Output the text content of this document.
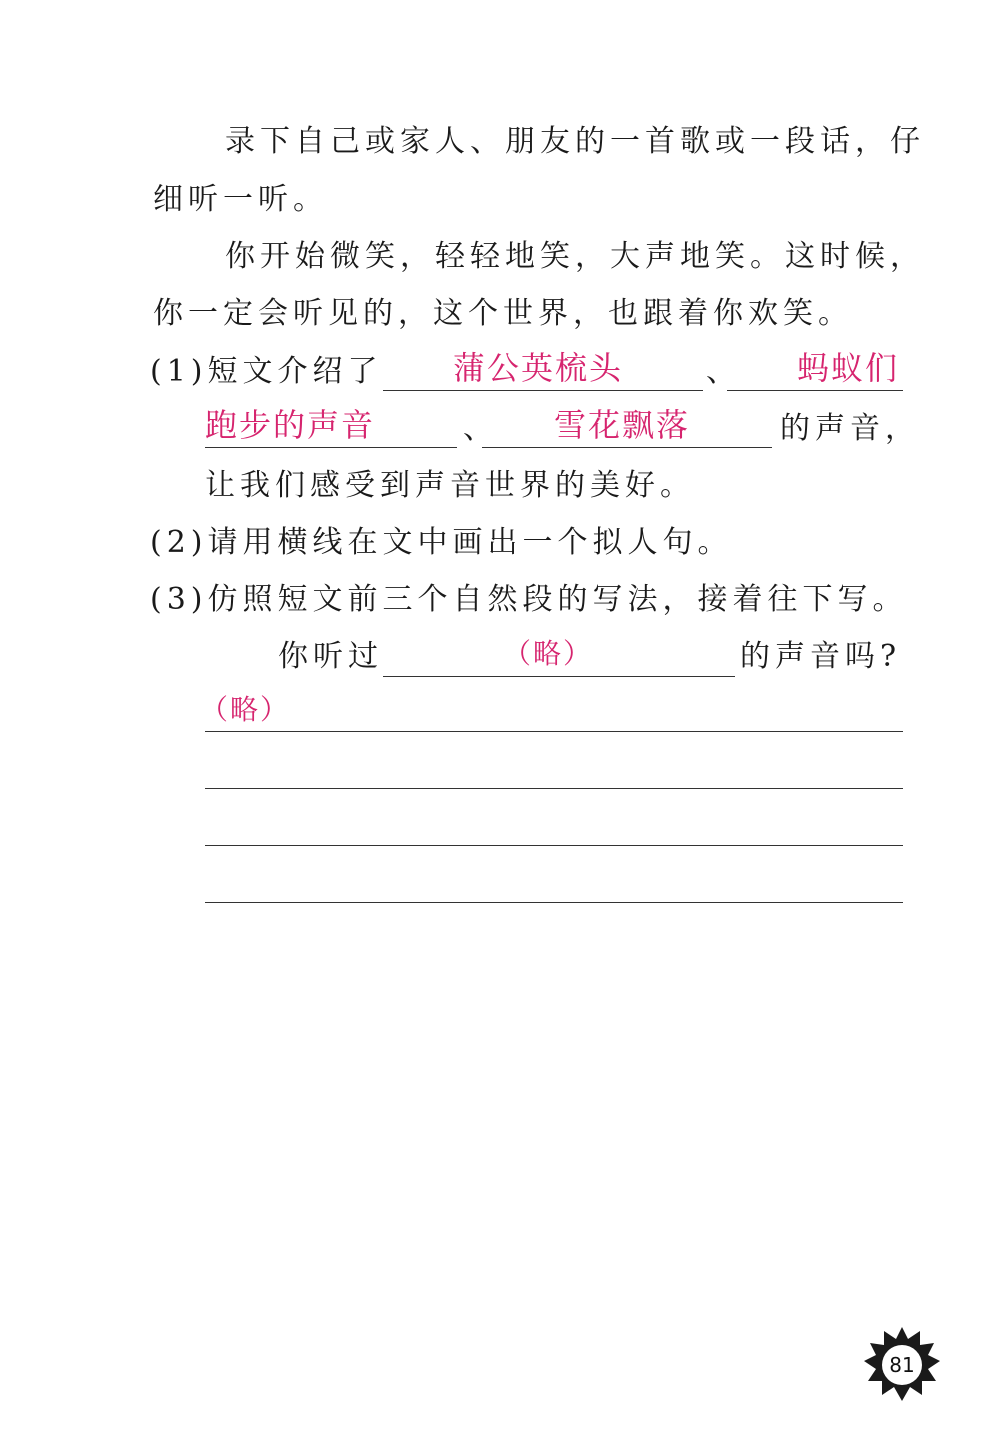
录下自己或家人、朋友的一首歌或一段话，仔
细听一听。
你开始微笑，轻轻地笑，大声地笑。这时候，
你一定会听见的，这个世界，也跟着你欢笑。
(1)短文介绍了 蒲公英梳头	、 蚂蚁们
跑步的声音	、 雪花飘落	的声音，
让我们感受到声音世界的美好。
(2)请用横线在文中画出一个拟人句。
(3)仿照短文前三个自然段的写法，接着往下写。
你听过	（略）	的声音吗?
（略）
81
